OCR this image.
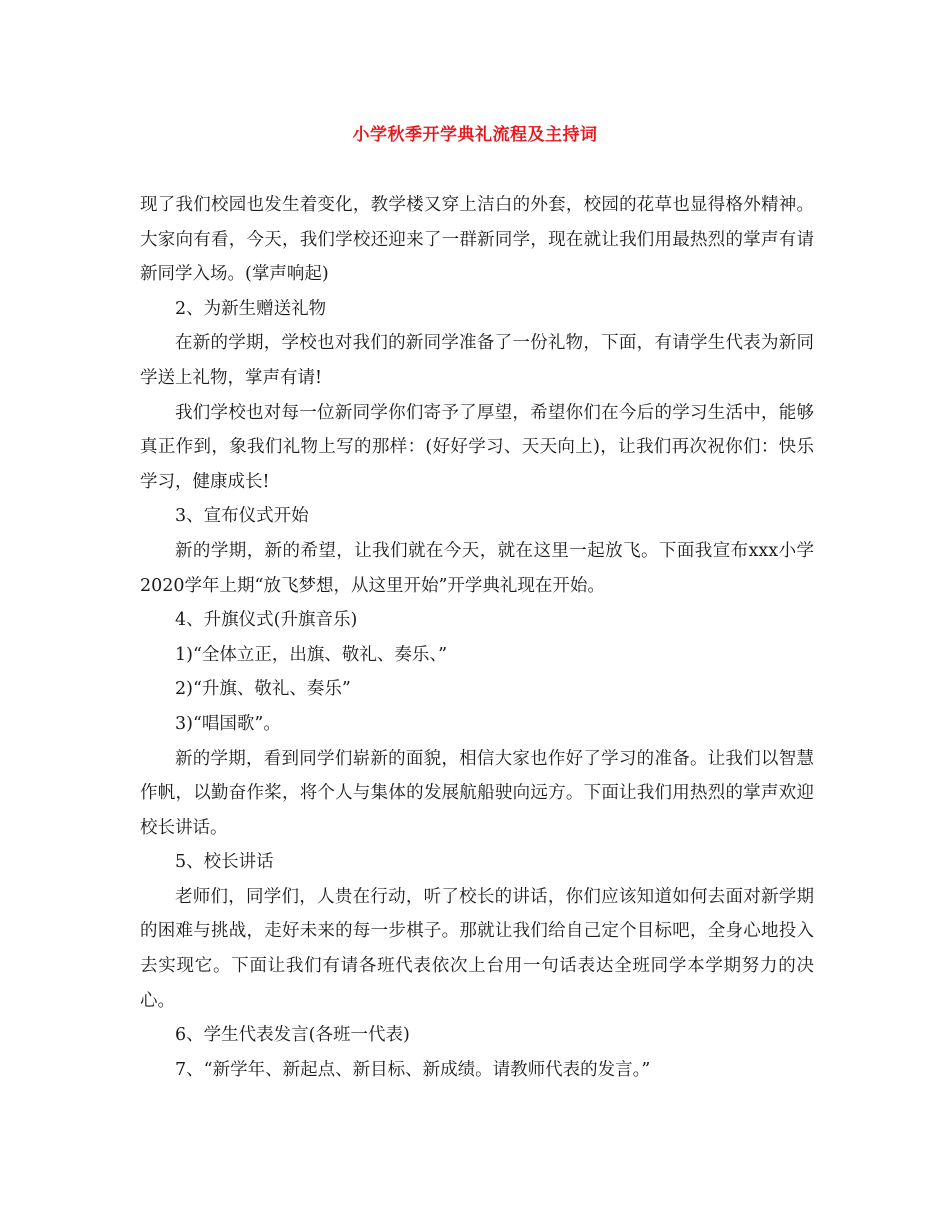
小学秋季开学典礼流程及主持词

现了我们校园也发生着变化，教学楼又穿上洁白的外套，校园的花草也显得格外精神。大家向有看，今天，我们学校还迎来了一群新同学，现在就让我们用最热烈的掌声有请新同学入场。(掌声响起)

2、为新生赠送礼物

在新的学期，学校也对我们的新同学准备了一份礼物，下面，有请学生代表为新同学送上礼物，掌声有请!

我们学校也对每一位新同学你们寄予了厚望，希望你们在今后的学习生活中，能够真正作到，象我们礼物上写的那样：(好好学习、天天向上)，让我们再次祝你们：快乐学习，健康成长!

3、宣布仪式开始

新的学期，新的希望，让我们就在今天，就在这里一起放飞。下面我宣布xxx小学2020学年上期“放飞梦想，从这里开始”开学典礼现在开始。

4、升旗仪式(升旗音乐)

1)“全体立正，出旗、敬礼、奏乐、”

2)“升旗、敬礼、奏乐”

3)“唱国歌”。

新的学期，看到同学们崭新的面貌，相信大家也作好了学习的准备。让我们以智慧作帆，以勤奋作桨，将个人与集体的发展航船驶向远方。下面让我们用热烈的掌声欢迎校长讲话。

5、校长讲话

老师们，同学们，人贵在行动，听了校长的讲话，你们应该知道如何去面对新学期的困难与挑战，走好未来的每一步棋子。那就让我们给自己定个目标吧，全身心地投入去实现它。下面让我们有请各班代表依次上台用一句话表达全班同学本学期努力的决心。

6、学生代表发言(各班一代表)

7、“新学年、新起点、新目标、新成绩。请教师代表的发言。”
